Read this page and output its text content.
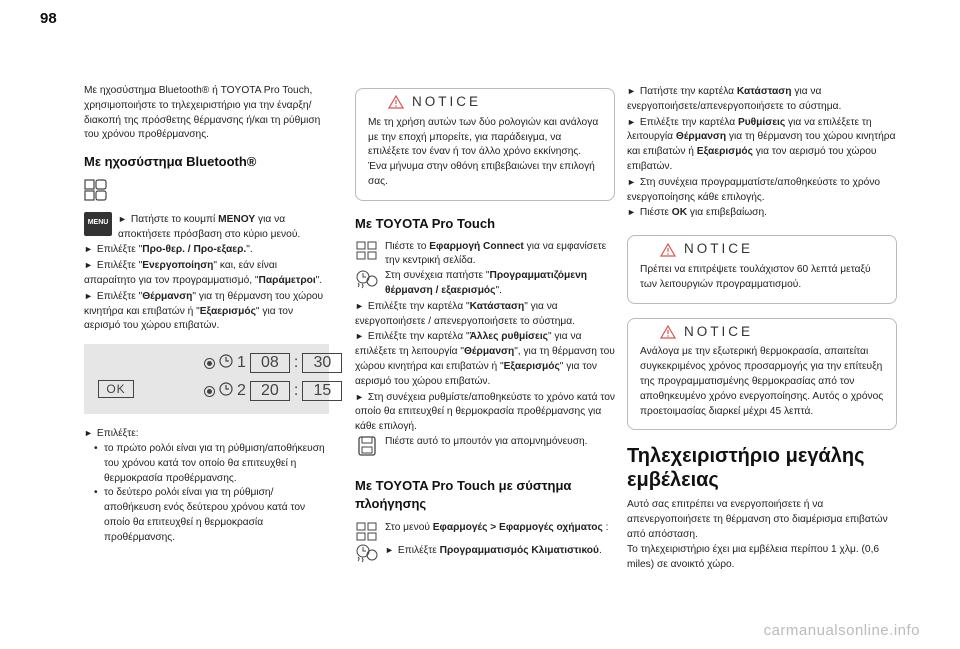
98

Με ηχοσύστημα Bluetooth® ή TOYOTA Pro Touch, χρησιμοποιήστε το τηλεχειριστήριο για την έναρξη/ διακοπή της πρόσθετης θέρμανσης ή/και τη ρύθμιση του χρόνου προθέρμανσης.

Με ηχοσύστημα Bluetooth®
MENU	► Πατήστε το κουμπί ΜΕΝΟΥ για να αποκτήσετε πρόσβαση στο κύριο μενού.

► Επιλέξτε "Προ-θερ. / Προ-εξαερ.".

► Επιλέξτε "Ενεργοποίηση" και, εάν είναι απαραίτητο για τον προγραμματισμό, "Παράμετροι".

► Επιλέξτε "Θέρμανση" για τη θέρμανση του χώρου κινητήρα και επιβατών ή "Εξαερισμός" για τον αερισμό του χώρου επιβατών.

OK
1 08 : 30
2 20 : 15

► Επιλέξτε:

• το πρώτο ρολόι είναι για τη ρύθμιση/αποθήκευση του χρόνου κατά τον οποίο θα επιτευχθεί η θερμοκρασία προθέρμανσης.
• το δεύτερο ρολόι είναι για τη ρύθμιση/αποθήκευση ενός δεύτερου χρόνου κατά τον οποίο θα επιτευχθεί η θερμοκρασία προθέρμανσης.
NOTICE

Με τη χρήση αυτών των δύο ρολογιών και ανάλογα με την εποχή μπορείτε, για παράδειγμα, να επιλέξετε τον έναν ή τον άλλο χρόνο εκκίνησης. Ένα μήνυμα στην οθόνη επιβεβαιώνει την επιλογή σας.

Με TOYOTA Pro Touch

Πιέστε το Εφαρμογή Connect για να εμφανίσετε την κεντρική σελίδα.

Στη συνέχεια πατήστε "Προγραμματιζόμενη θέρμανση / εξαερισμός".

► Επιλέξτε την καρτέλα "Κατάσταση" για να ενεργοποιήσετε / απενεργοποιήσετε το σύστημα.

► Επιλέξτε την καρτέλα "Άλλες ρυθμίσεις" για να επιλέξετε τη λειτουργία "Θέρμανση", για τη θέρμανση του χώρου κινητήρα και επιβατών ή "Εξαερισμός" για τον αερισμό του χώρου επιβατών.

► Στη συνέχεια ρυθμίστε/αποθηκεύστε το χρόνο κατά τον οποίο θα επιτευχθεί η θερμοκρασία προθέρμανσης για κάθε επιλογή.

Πιέστε αυτό το μπουτόν για απομνημόνευση.

Με TOYOTA Pro Touch με σύστημα πλοήγησης

Στο μενού Εφαρμογές > Εφαρμογές οχήματος :

► Επιλέξτε Προγραμματισμός Κλιματιστικού.

► Πατήστε την καρτέλα Κατάσταση για να ενεργοποιήσετε/απενεργοποιήσετε το σύστημα.

► Επιλέξτε την καρτέλα Ρυθμίσεις για να επιλέξετε τη λειτουργία Θέρμανση για τη θέρμανση του χώρου κινητήρα και επιβατών ή Εξαερισμός για τον αερισμό του χώρου επιβατών.

► Στη συνέχεια προγραμματίστε/αποθηκεύστε το χρόνο ενεργοποίησης κάθε επιλογής.

► Πιέστε OK για επιβεβαίωση.

NOTICE

Πρέπει να επιτρέψετε τουλάχιστον 60 λεπτά μεταξύ των λειτουργιών προγραμματισμού.

NOTICE

Ανάλογα με την εξωτερική θερμοκρασία, απαιτείται συγκεκριμένος χρόνος προσαρμογής για την επίτευξη της προγραμματισμένης θερμοκρασίας από τον αποθηκευμένο χρόνο ενεργοποίησης. Αυτός ο χρόνος προετοιμασίας διαρκεί μέχρι 45 λεπτά.

Τηλεχειριστήριο μεγάλης εμβέλειας

Αυτό σας επιτρέπει να ενεργοποιήσετε ή να απενεργοποιήσετε τη θέρμανση στο διαμέρισμα επιβατών από απόσταση.

Το τηλεχειριστήριο έχει μια εμβέλεια περίπου 1 χλμ. (0,6 miles) σε ανοικτό χώρο.

carmanualsonline.info
